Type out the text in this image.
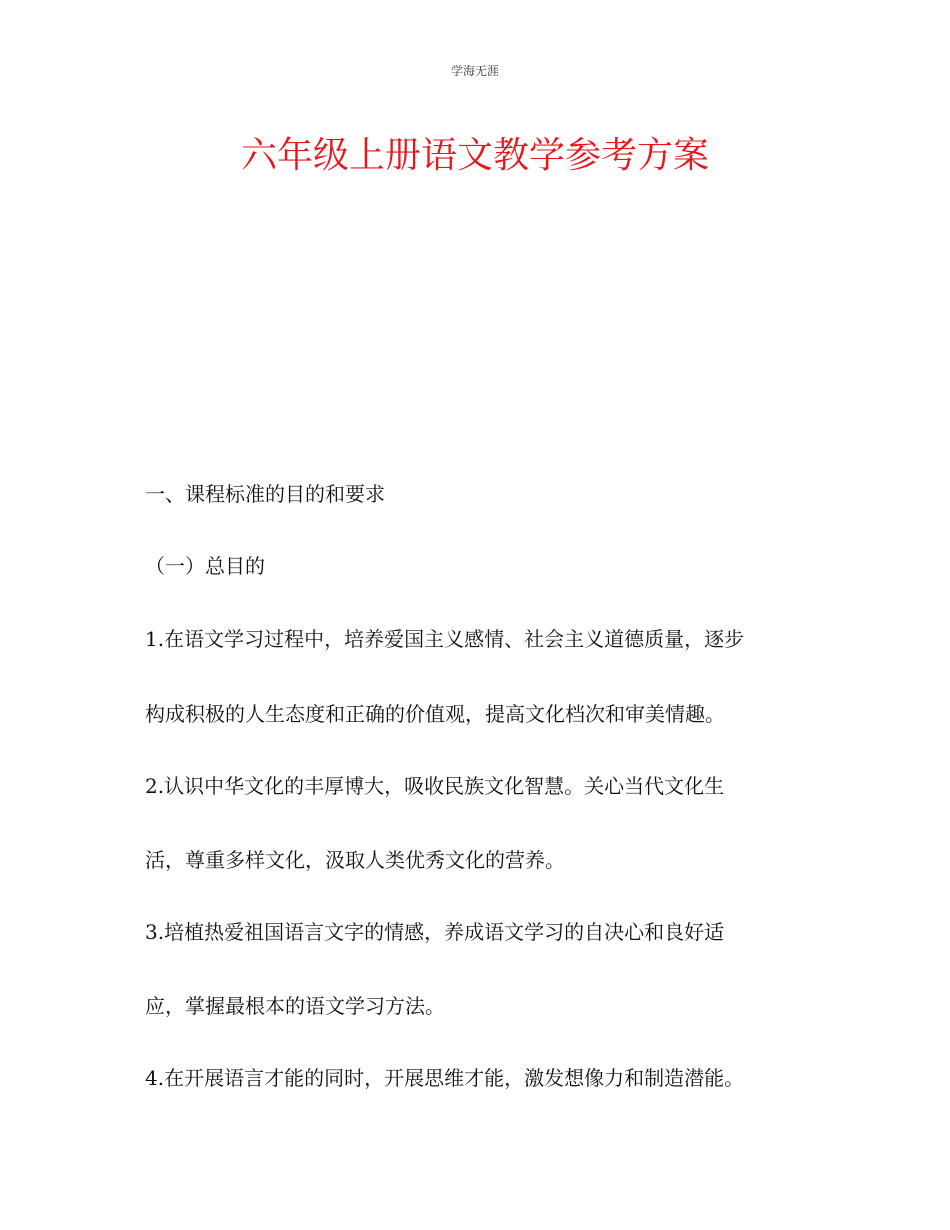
学海无涯
六年级上册语文教学参考方案
一、课程标准的目的和要求
（一）总目的
1.在语文学习过程中，培养爱国主义感情、社会主义道德质量，逐步
构成积极的人生态度和正确的价值观，提高文化档次和审美情趣。
2.认识中华文化的丰厚博大，吸收民族文化智慧。关心当代文化生
活，尊重多样文化，汲取人类优秀文化的营养。
3.培植热爱祖国语言文字的情感，养成语文学习的自决心和良好适
应，掌握最根本的语文学习方法。
4.在开展语言才能的同时，开展思维才能，激发想像力和制造潜能。
